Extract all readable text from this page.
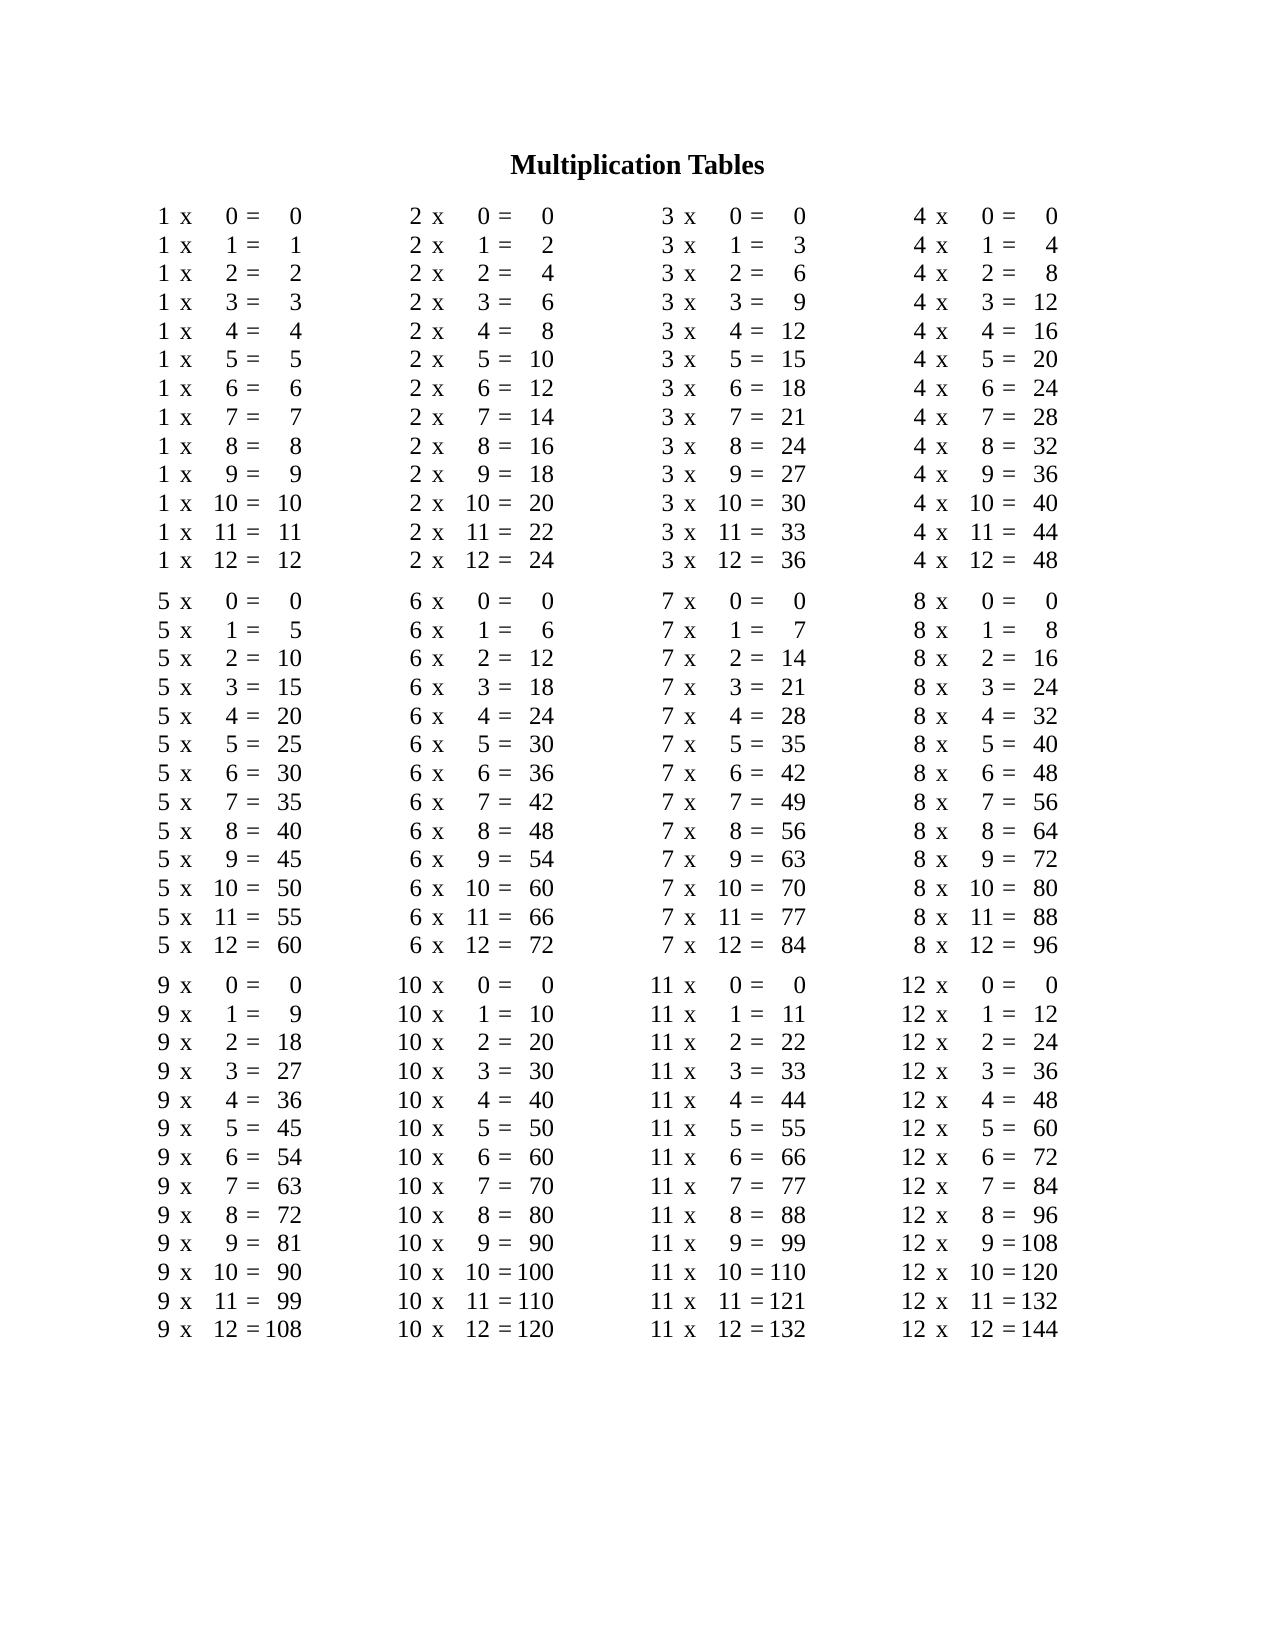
Multiplication Tables
1 x	0 =	0
1 x	1 =	1
1 x	2 =	2
1 x	3 =	3
1 x	4 =	4
1 x	5 =	5
1 x	6 =	6
1 x	7 =	7
1 x	8 =	8
1 x	9 =	9
1 x 10 = 10
1 x 11 = 11
1 x 12 = 12
2 x	0 =	0
2 x	1 =	2
2 x	2 =	4
2 x	3 =	6
2 x	4 =	8
2 x	5 = 10
2 x	6 = 12
2 x	7 = 14
2 x	8 = 16
2 x	9 = 18
2 x 10 = 20
2 x 11 = 22
2 x 12 = 24
3 x	0 =	0
3 x	1 =	3
3 x	2 =	6
3 x	3 =	9
3 x	4 = 12
3 x	5 = 15
3 x	6 = 18
3 x	7 = 21
3 x	8 = 24
3 x	9 = 27
3 x 10 = 30
3 x 11 = 33
3 x 12 = 36
4 x	0 =	0
4 x	1 =	4
4 x	2 =	8
4 x	3 = 12
4 x	4 = 16
4 x	5 = 20
4 x	6 = 24
4 x	7 = 28
4 x	8 = 32
4 x	9 = 36
4 x 10 = 40
4 x 11 = 44
4 x 12 = 48
5 x	0 =	0
5 x	1 =	5
5 x	2 = 10
5 x	3 = 15
5 x	4 = 20
5 x	5 = 25
5 x	6 = 30
5 x	7 = 35
5 x	8 = 40
5 x	9 = 45
5 x 10 = 50
5 x 11 = 55
5 x 12 = 60
6 x	0 =	0
6 x	1 =	6
6 x	2 = 12
6 x	3 = 18
6 x	4 = 24
6 x	5 = 30
6 x	6 = 36
6 x	7 = 42
6 x	8 = 48
6 x	9 = 54
6 x 10 = 60
6 x 11 = 66
6 x 12 = 72
7 x	0 =	0
7 x	1 =	7
7 x	2 = 14
7 x	3 = 21
7 x	4 = 28
7 x	5 = 35
7 x	6 = 42
7 x	7 = 49
7 x	8 = 56
7 x	9 = 63
7 x 10 = 70
7 x 11 = 77
7 x 12 = 84
8 x	0 =	0
8 x	1 =	8
8 x	2 = 16
8 x	3 = 24
8 x	4 = 32
8 x	5 = 40
8 x	6 = 48
8 x	7 = 56
8 x	8 = 64
8 x	9 = 72
8 x 10 = 80
8 x 11 = 88
8 x 12 = 96
9 x	0 =	0
9 x	1 =	9
9 x	2 = 18
9 x	3 = 27
9 x	4 = 36
9 x	5 = 45
9 x	6 = 54
9 x	7 = 63
9 x	8 = 72
9 x	9 = 81
9 x 10 = 90
9 x 11 = 99
9 x 12 = 108
10 x	0 =	0
10 x	1 = 10
10 x	2 = 20
10 x	3 = 30
10 x	4 = 40
10 x	5 = 50
10 x	6 = 60
10 x	7 = 70
10 x	8 = 80
10 x	9 = 90
10 x 10 = 100
10 x 11 = 110
10 x 12 = 120
11 x	0 =	0
11 x	1 = 11
11 x	2 = 22
11 x	3 = 33
11 x	4 = 44
11 x	5 = 55
11 x	6 = 66
11 x	7 = 77
11 x	8 = 88
11 x	9 = 99
11 x 10 = 110
11 x 11 = 121
11 x 12 = 132
12 x	0 =	0
12 x	1 = 12
12 x	2 = 24
12 x	3 = 36
12 x	4 = 48
12 x	5 = 60
12 x	6 = 72
12 x	7 = 84
12 x	8 = 96
12 x	9 = 108
12 x 10 = 120
12 x 11 = 132
12 x 12 = 144
